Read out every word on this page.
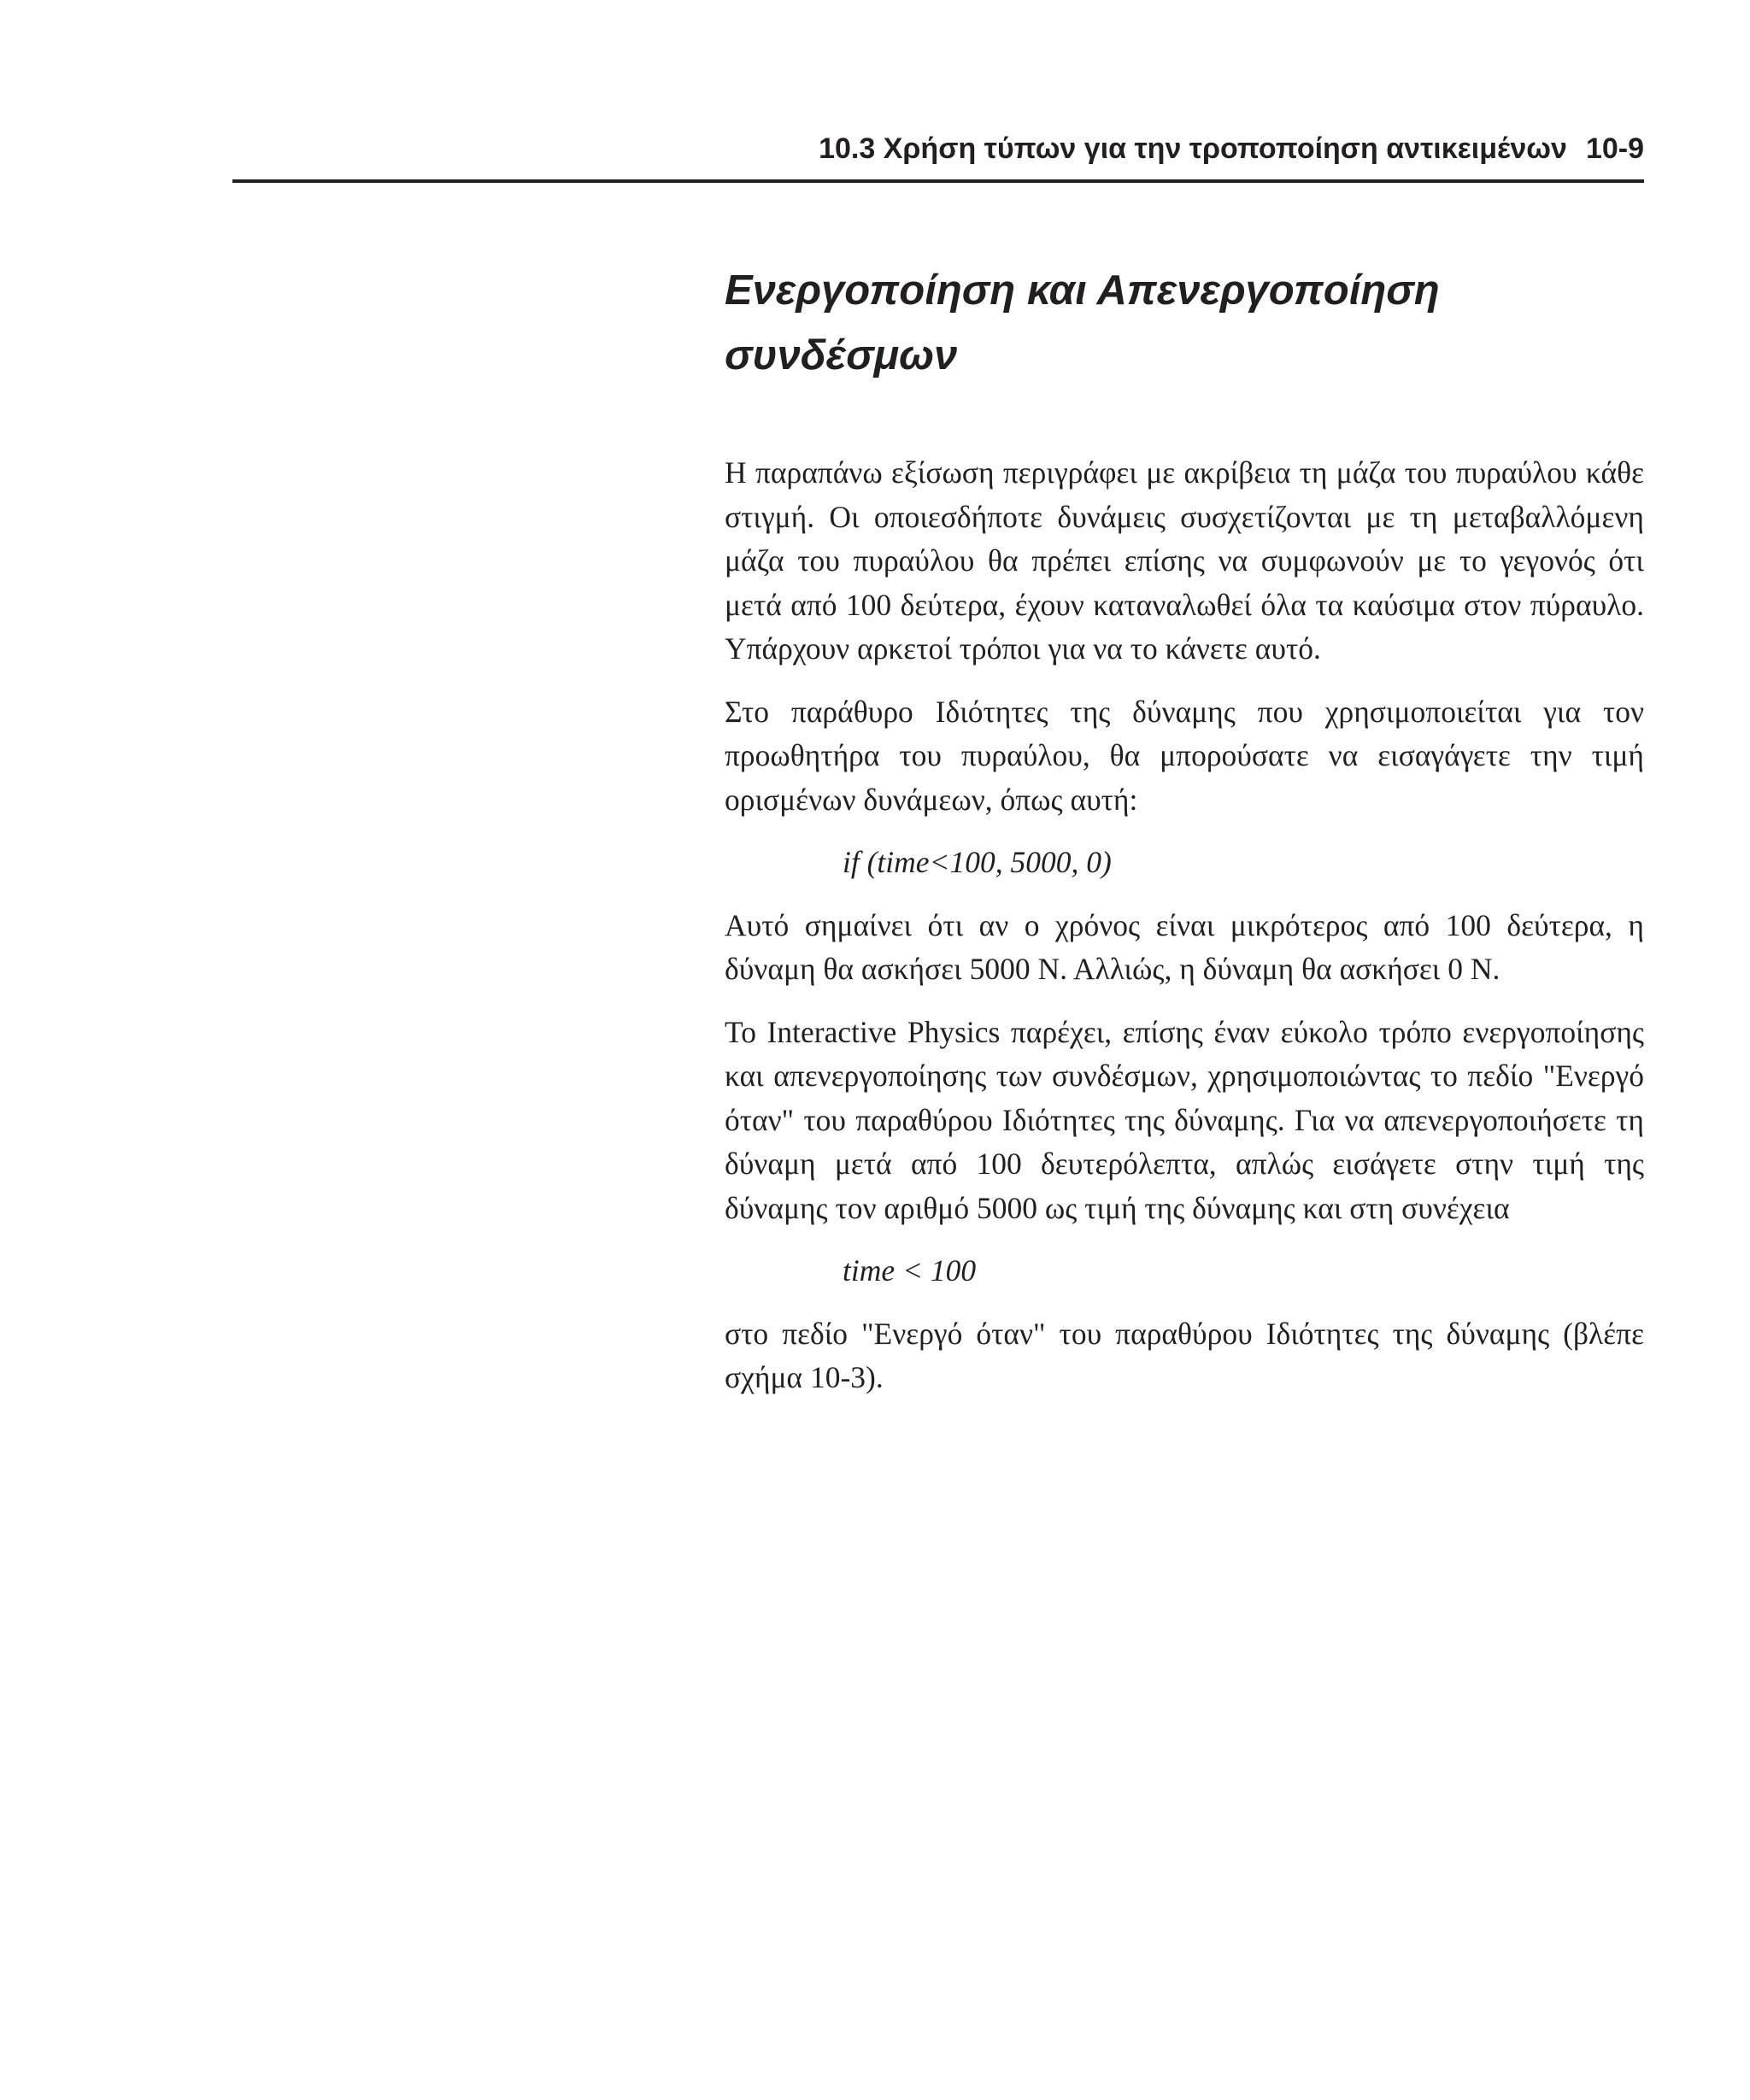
10.3 Χρήση τύπων για την τροποποίηση αντικειμένων 10-9
Ενεργοποίηση και Απενεργοποίηση
συνδέσμων

Η παραπάνω εξίσωση περιγράφει με ακρίβεια τη μάζα του πυραύλου κάθε στιγμή. Οι οποιεσδήποτε δυνάμεις συσχετίζονται με τη μεταβαλλόμενη μάζα του πυραύλου θα πρέπει επίσης να συμφωνούν με το γεγονός ότι μετά από 100 δεύτερα, έχουν καταναλωθεί όλα τα καύσιμα στον πύραυλο. Υπάρχουν αρκετοί τρόποι για να το κάνετε αυτό.

Στο παράθυρο Ιδιότητες της δύναμης που χρησιμοποιείται για τον προωθητήρα του πυραύλου, θα μπορούσατε να εισαγάγετε την τιμή ορισμένων δυνάμεων, όπως αυτή:

if (time<100, 5000, 0)

Αυτό σημαίνει ότι αν ο χρόνος είναι μικρότερος από 100 δεύτερα, η δύναμη θα ασκήσει 5000 Ν. Αλλιώς, η δύναμη θα ασκήσει 0 Ν.

Το Interactive Physics παρέχει, επίσης έναν εύκολο τρόπο ενεργοποίησης και απενεργοποίησης των συνδέσμων, χρησιμοποιώντας το πεδίο "Ενεργό όταν" του παραθύρου Ιδιότητες της δύναμης. Για να απενεργοποιήσετε τη δύναμη μετά από 100 δευτερόλεπτα, απλώς εισάγετε στην τιμή της δύναμης τον αριθμό 5000 ως τιμή της δύναμης και στη συνέχεια

time < 100

στο πεδίο "Ενεργό όταν" του παραθύρου Ιδιότητες της δύναμης (βλέπε σχήμα 10-3).
